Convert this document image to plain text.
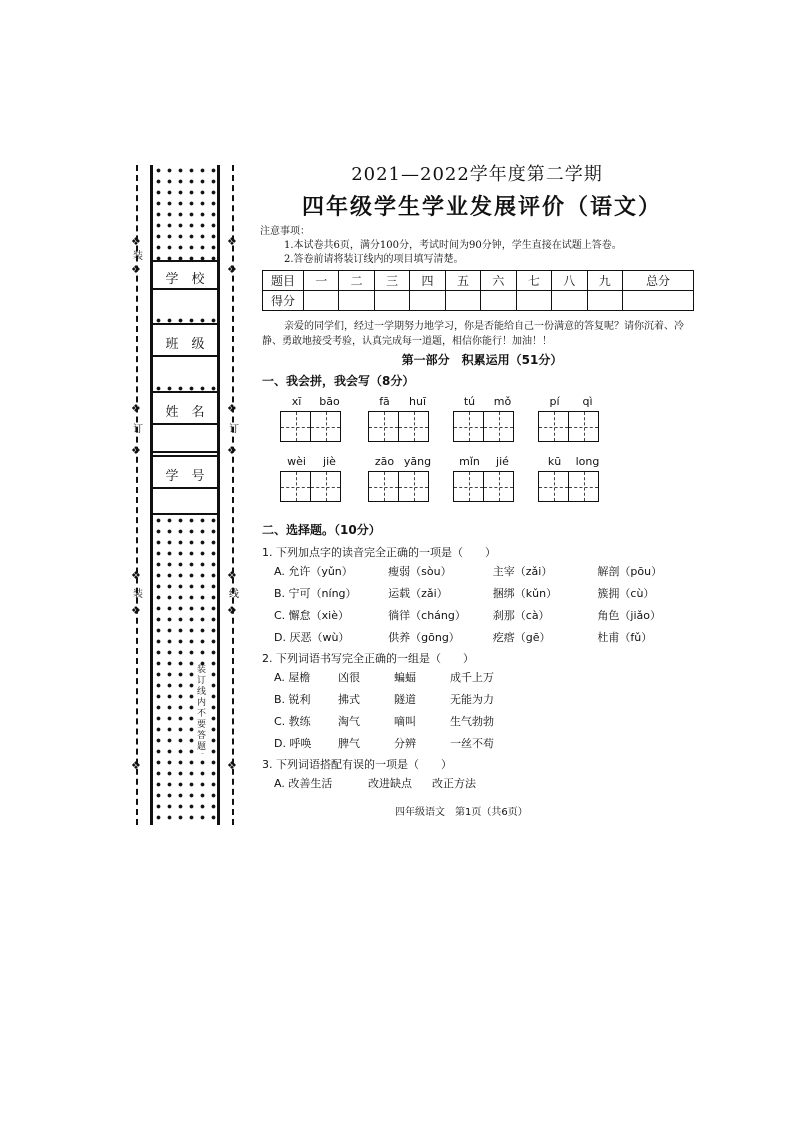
❖	❖
❖	❖
❖	❖
❖	❖
❖	❖
❖	❖
❖	❖
装
装
订	订
线
学　校
班　级
姓　名
学　号
装订线内不要答题
2021—2022学年度第二学期
四年级学生学业发展评价（语文）
注意事项：
1.本试卷共6页，满分100分，考试时间为90分钟，学生直接在试题上答卷。
2.答卷前请将装订线内的项目填写清楚。
题目	一	二	三	四	五	六	七	八	九	总分
得分										
亲爱的同学们，经过一学期努力地学习，你是否能给自己一份满意的答复呢？请你沉着、冷静、勇敢地接受考验，认真完成每一道题，相信你能行！加油！！
第一部分　积累运用（51分）
一、我会拼，我会写（8分）
xī	bāo	fā	huī	tú	mǒ	pí	qì
wèi	jiè	zāo yāng	mǐn	jié	kū	long
二、选择题。（10分）
1. 下列加点字的读音完全正确的一项是（　　）
A. 允许（yǔn）	瘦弱（sòu）	主宰（zǎi）	解剖（pōu）
B. 宁可（níng）	运载（zǎi）	捆绑（kǔn）	簇拥（cù）
C. 懈怠（xiè）	徜徉（cháng）	刹那（cà）	角色（jiǎo）
D. 厌恶（wù）	供养（gōng）	疙瘩（gē）	杜甫（fǔ）
2. 下列词语书写完全正确的一组是（　　）
A. 屋檐	凶很	蝙蝠	成千上万
B. 锐利	拂式	隧道	无能为力
C. 教练	淘气	嘀叫	生气勃勃
D. 呼唤	脾气	分辨	一丝不苟
3. 下列词语搭配有误的一项是（　　）
A. 改善生活	改进缺点	改正方法
四年级语文　第1页（共6页）
